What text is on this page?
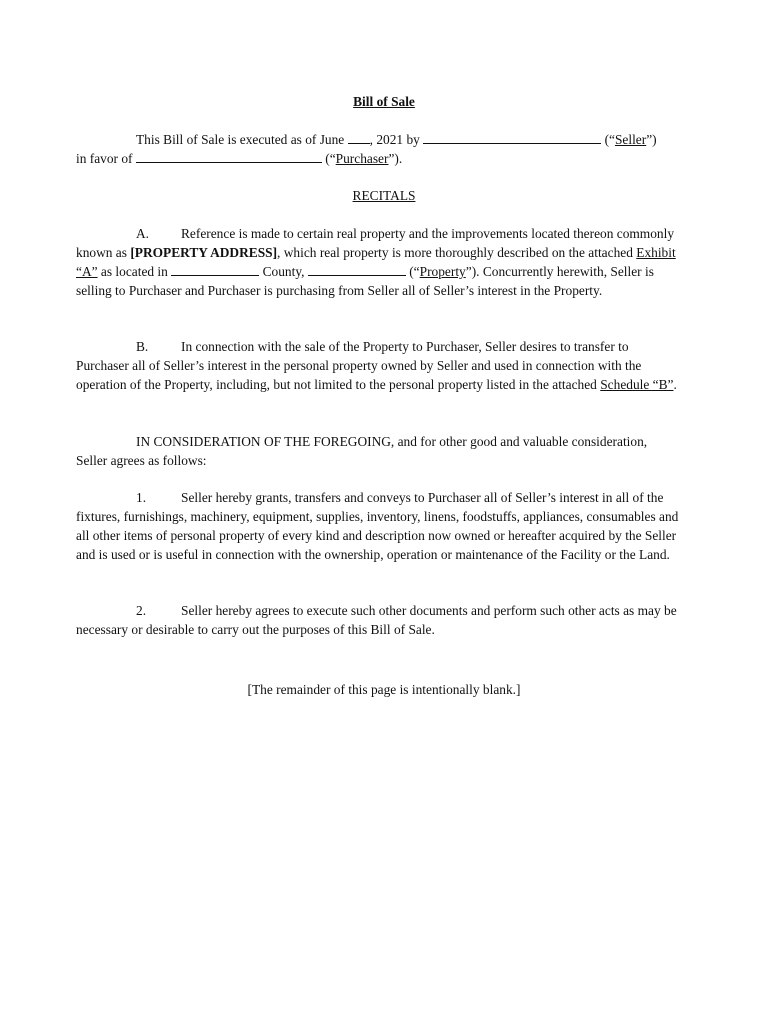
Bill of Sale
This Bill of Sale is executed as of June , 2021 by	(“Seller”)
in favor of	(“Purchaser”).
RECITALS
A. Reference is made to certain real property and the improvements located thereon commonly known as [PROPERTY ADDRESS], which real property is more thoroughly described on the attached Exhibit “A” as located in	County,	(“Property”). Concurrently herewith, Seller is selling to Purchaser and Purchaser is purchasing from Seller all of Seller’s interest in the Property.
B. In connection with the sale of the Property to Purchaser, Seller desires to transfer to Purchaser all of Seller’s interest in the personal property owned by Seller and used in connection with the operation of the Property, including, but not limited to the personal property listed in the attached Schedule “B”.
IN CONSIDERATION OF THE FOREGOING, and for other good and valuable consideration, Seller agrees as follows:
1.	Seller hereby grants, transfers and conveys to Purchaser all of Seller’s interest in all of the fixtures, furnishings, machinery, equipment, supplies, inventory, linens, foodstuffs, appliances, consumables and all other items of personal property of every kind and description now owned or hereafter acquired by the Seller and is used or is useful in connection with the ownership, operation or maintenance of the Facility or the Land.
2.	Seller hereby agrees to execute such other documents and perform such other acts as may be necessary or desirable to carry out the purposes of this Bill of Sale.
[The remainder of this page is intentionally blank.]
